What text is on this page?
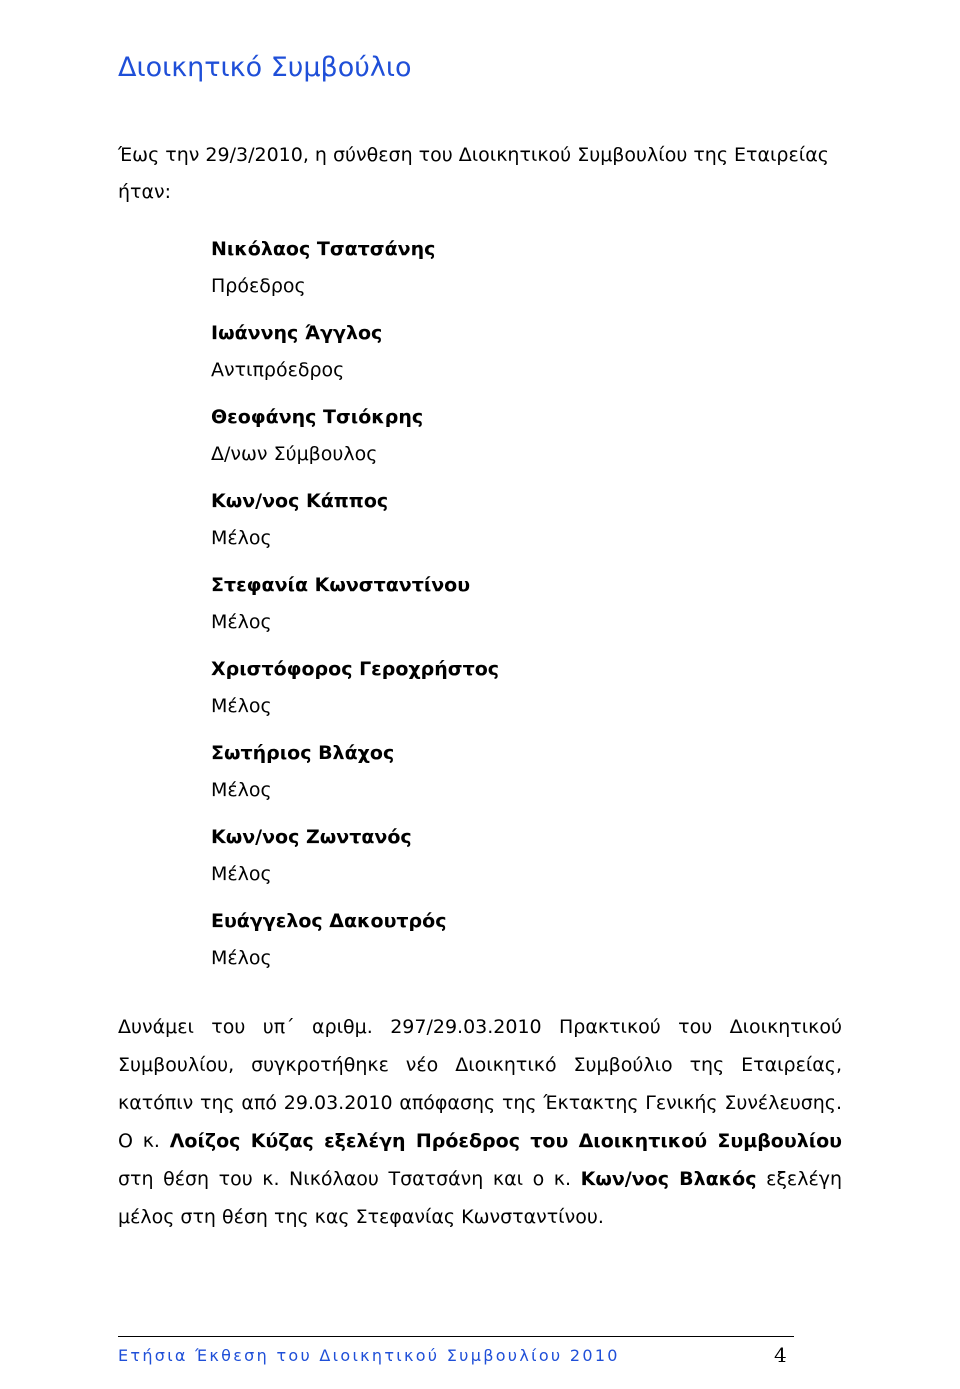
Διοικητικό Συμβούλιο

Έως την 29/3/2010, η σύνθεση του Διοικητικού Συμβουλίου της Εταιρείας ήταν:

Νικόλαος Τσατσάνης
Πρόεδρος
Ιωάννης Άγγλος
Αντιπρόεδρος
Θεοφάνης Τσιόκρης
Δ/νων Σύμβουλος
Κων/νος Κάππος
Μέλος
Στεφανία Κωνσταντίνου
Μέλος
Χριστόφορος Γεροχρήστος
Μέλος
Σωτήριος Βλάχος
Μέλος
Κων/νος Ζωντανός
Μέλος
Ευάγγελος Δακουτρός
Μέλος

Δυνάμει του υπ΄ αριθμ. 297/29.03.2010 Πρακτικού του Διοικητικού Συμβουλίου, συγκροτήθηκε νέο Διοικητικό Συμβούλιο της Εταιρείας, κατόπιν της από 29.03.2010 απόφασης της Έκτακτης Γενικής Συνέλευσης. Ο κ. Λοίζος Κύζας εξελέγη Πρόεδρος του Διοικητικού Συμβουλίου στη θέση του κ. Νικόλαου Τσατσάνη και ο κ. Κων/νος Βλακός εξελέγη μέλος στη θέση της κας Στεφανίας Κωνσταντίνου.

Ετήσια Έκθεση του Διοικητικού Συμβουλίου 2010	4
